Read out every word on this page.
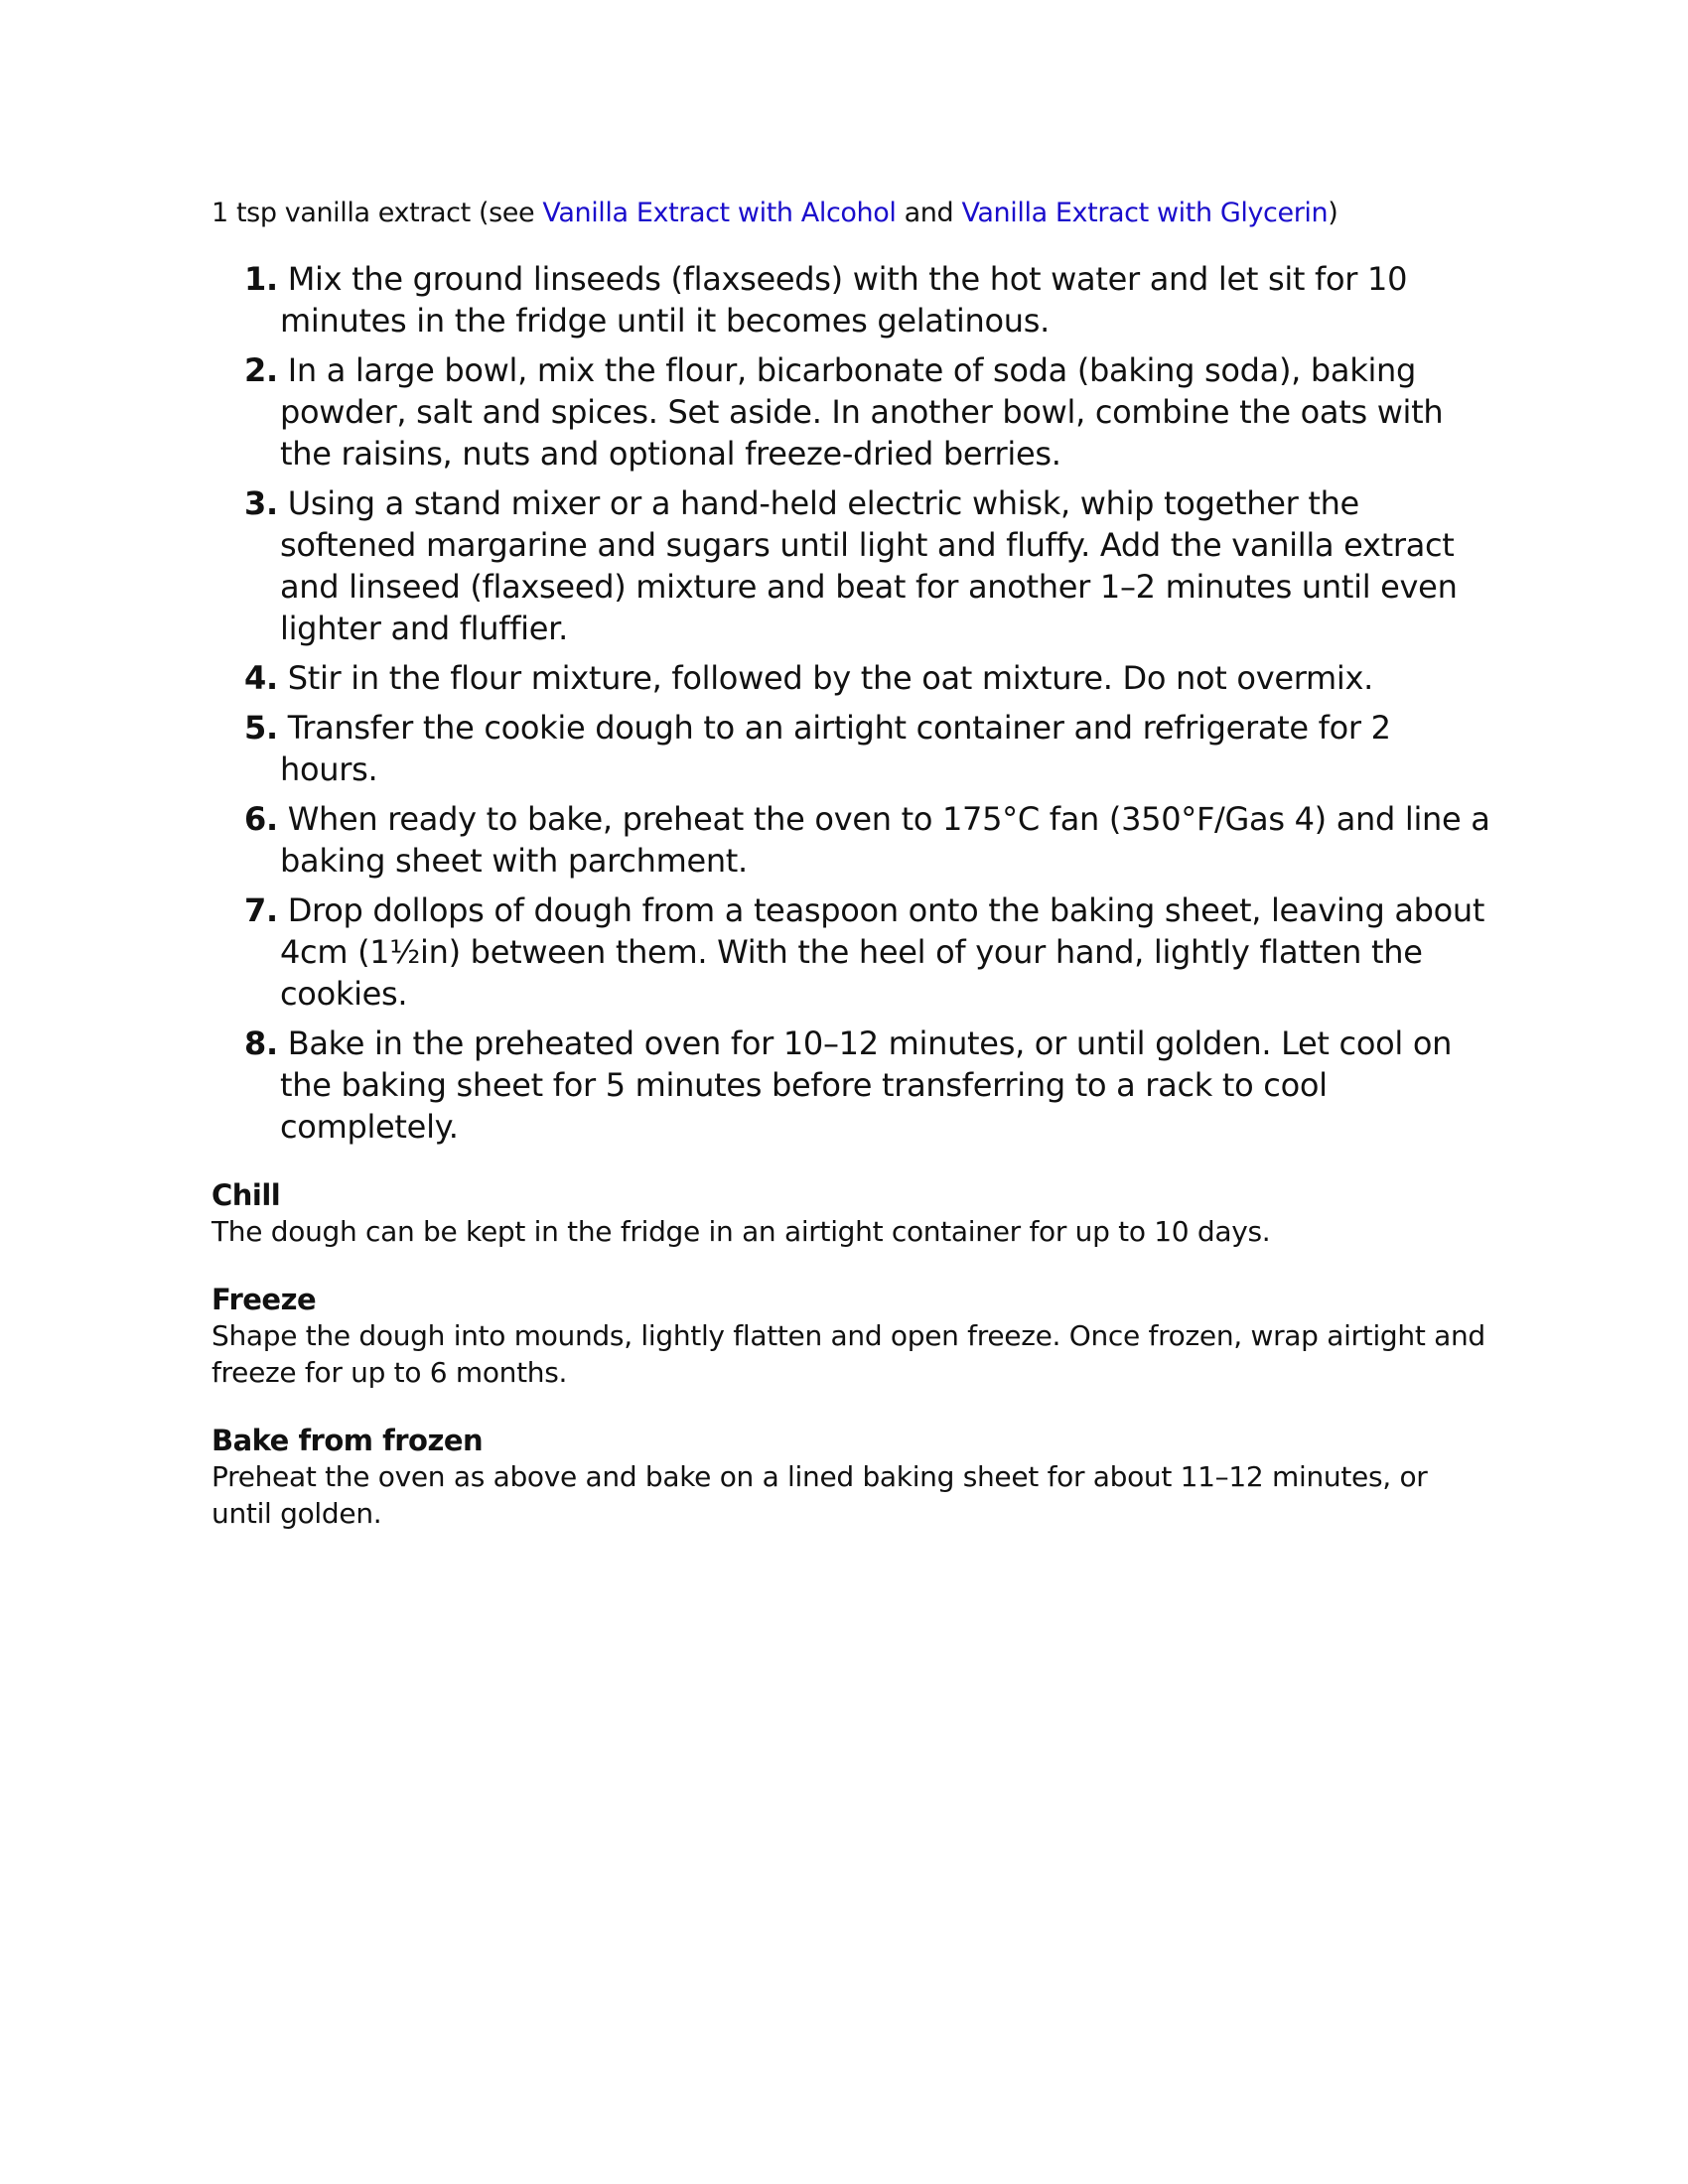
1 tsp vanilla extract (see Vanilla Extract with Alcohol and Vanilla Extract with Glycerin)

1. Mix the ground linseeds (flaxseeds) with the hot water and let sit for 10 minutes in the fridge until it becomes gelatinous.
2. In a large bowl, mix the flour, bicarbonate of soda (baking soda), baking powder, salt and spices. Set aside. In another bowl, combine the oats with the raisins, nuts and optional freeze-dried berries.
3. Using a stand mixer or a hand-held electric whisk, whip together the softened margarine and sugars until light and fluffy. Add the vanilla extract and linseed (flaxseed) mixture and beat for another 1–2 minutes until even lighter and fluffier.
4. Stir in the flour mixture, followed by the oat mixture. Do not overmix.
5. Transfer the cookie dough to an airtight container and refrigerate for 2 hours.
6. When ready to bake, preheat the oven to 175°C fan (350°F/Gas 4) and line a baking sheet with parchment.
7. Drop dollops of dough from a teaspoon onto the baking sheet, leaving about 4cm (1½in) between them. With the heel of your hand, lightly flatten the cookies.
8. Bake in the preheated oven for 10–12 minutes, or until golden. Let cool on the baking sheet for 5 minutes before transferring to a rack to cool completely.
Chill

The dough can be kept in the fridge in an airtight container for up to 10 days.

Freeze

Shape the dough into mounds, lightly flatten and open freeze. Once frozen, wrap airtight and freeze for up to 6 months.

Bake from frozen

Preheat the oven as above and bake on a lined baking sheet for about 11–12 minutes, or until golden.
